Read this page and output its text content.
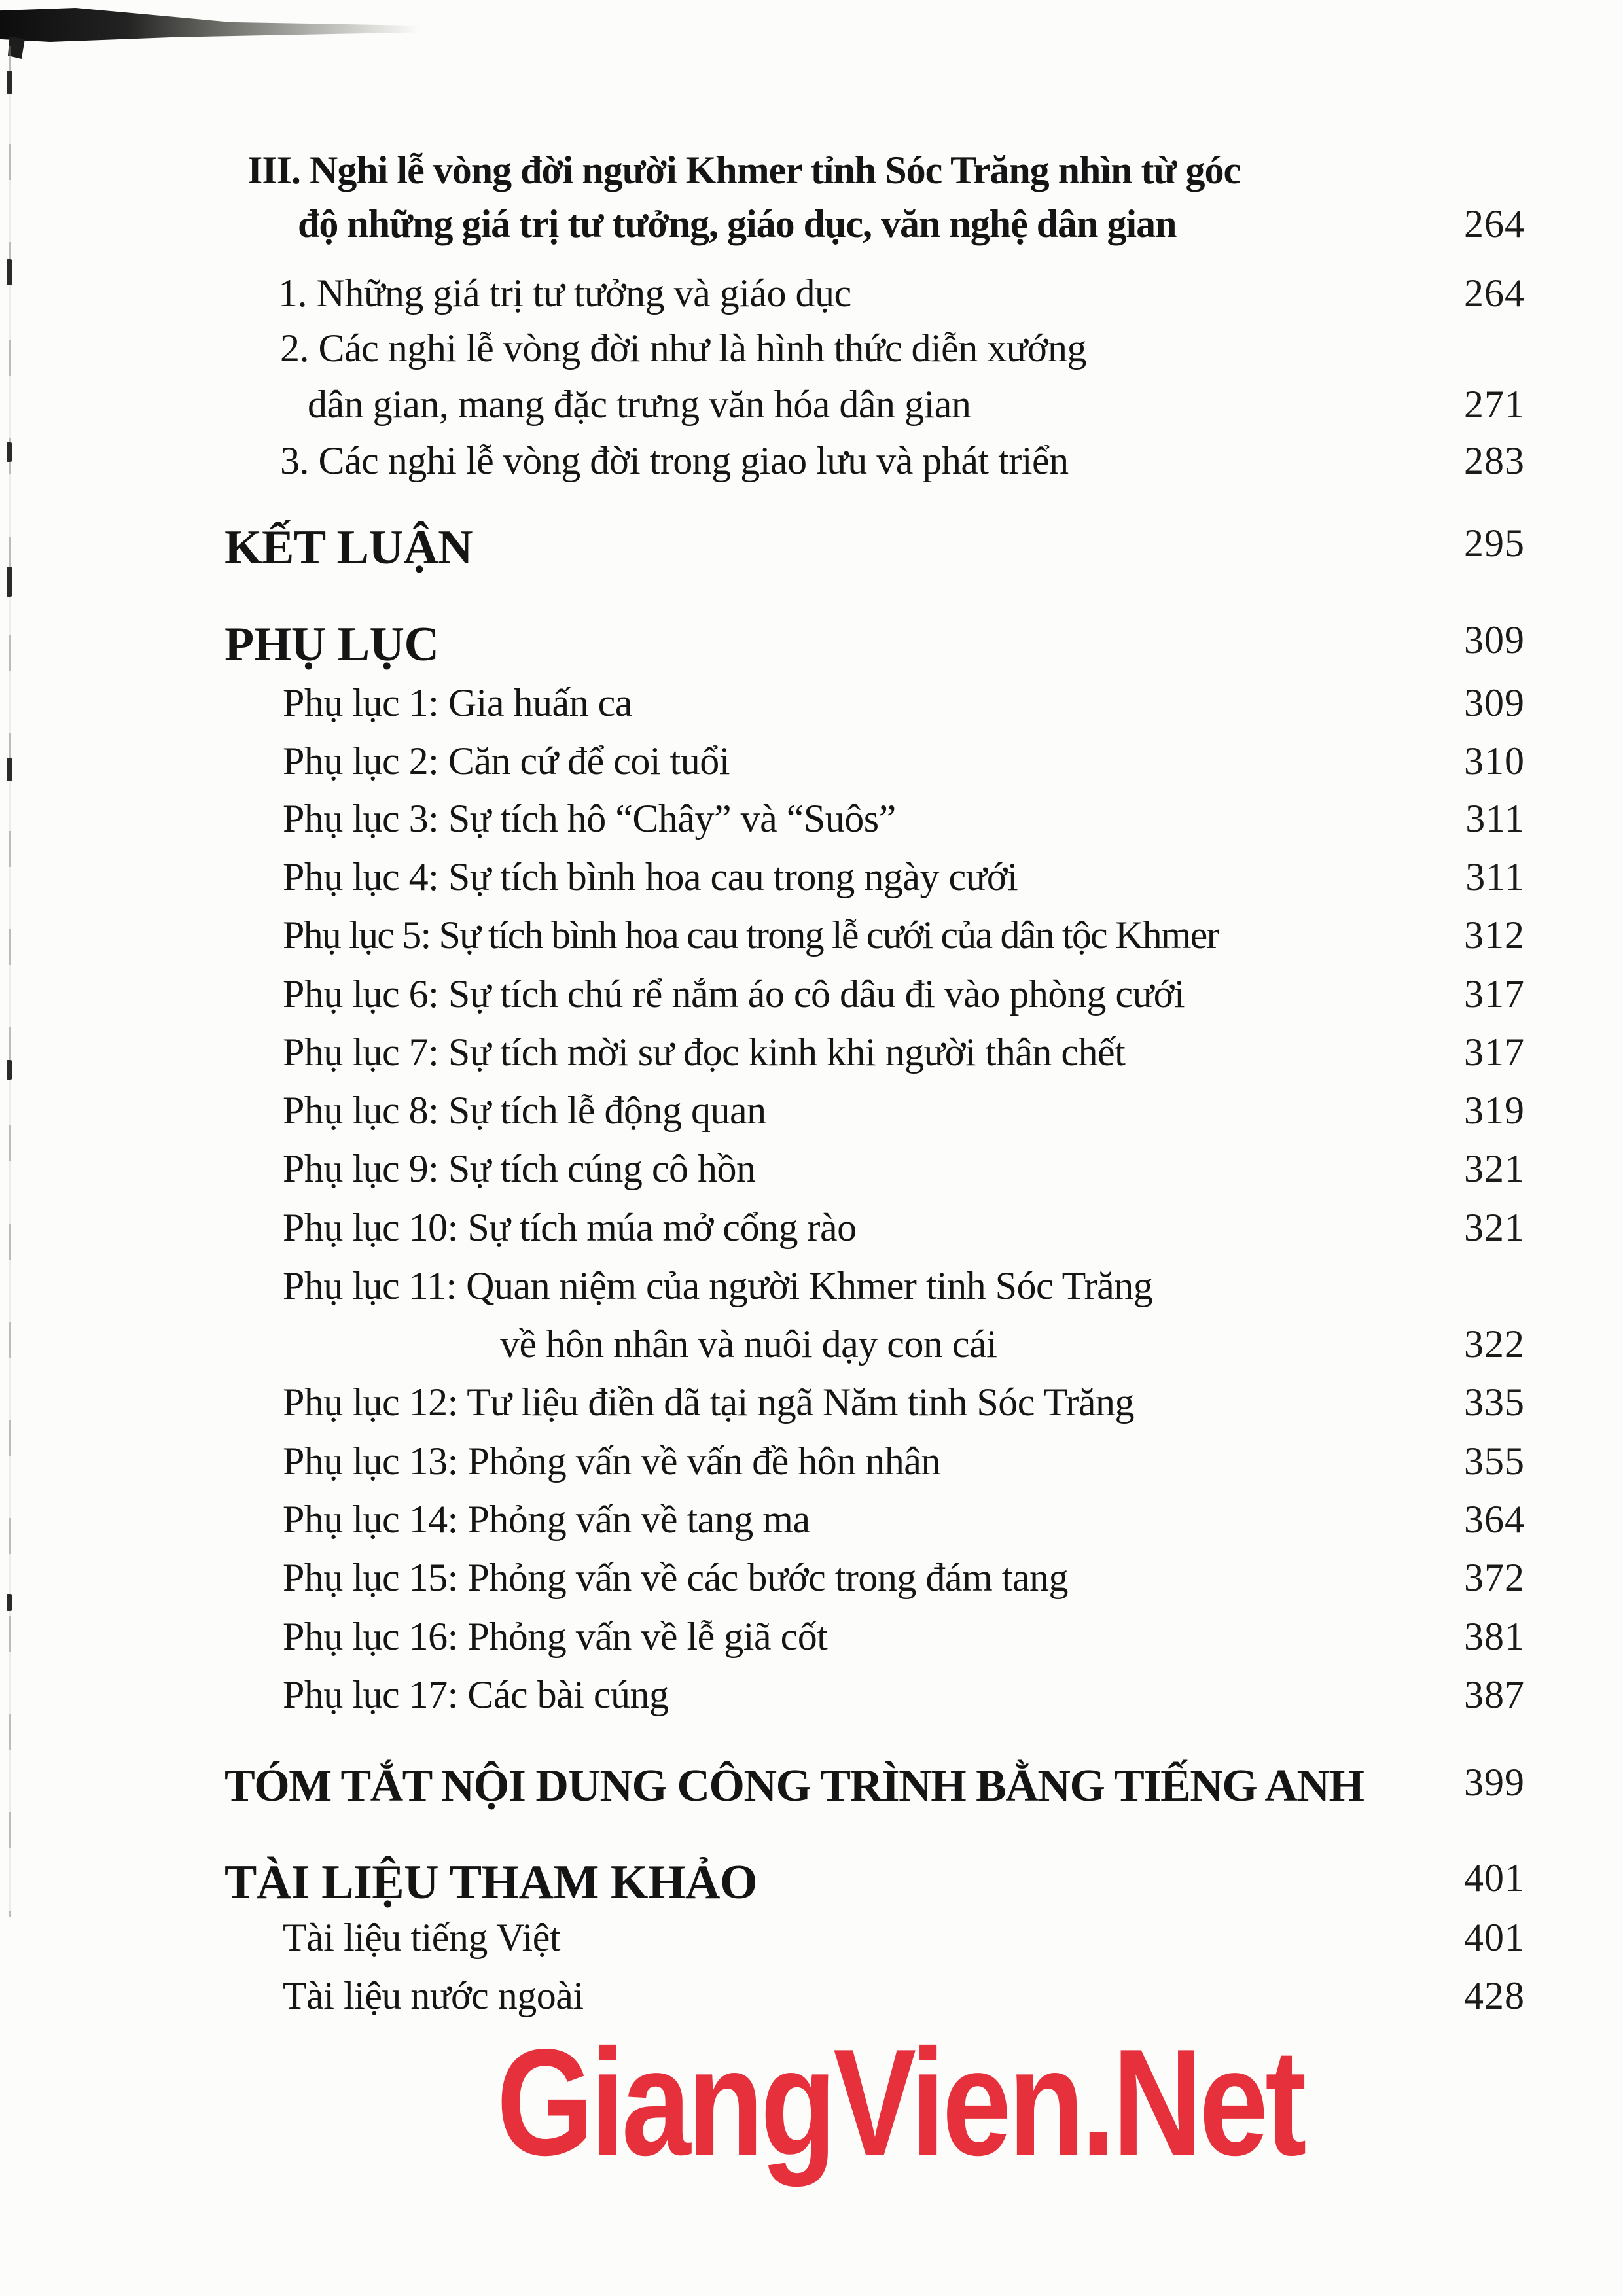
III. Nghi lễ vòng đời người Khmer tỉnh Sóc Trăng nhìn từ góc
độ những giá trị tư tưởng, giáo dục, văn nghệ dân gian	264
1. Những giá trị tư tưởng và giáo dục	264
2. Các nghi lễ vòng đời như là hình thức diễn xướng
dân gian, mang đặc trưng văn hóa dân gian	271
3. Các nghi lễ vòng đời trong giao lưu và phát triển	283
KẾT LUẬN	295
PHỤ LỤC	309
Phụ lục 1: Gia huấn ca	309
Phụ lục 2: Căn cứ để coi tuổi	310
Phụ lục 3: Sự tích hô “Chây” và “Suôs”	311
Phụ lục 4: Sự tích bình hoa cau trong ngày cưới	311
Phụ lục 5: Sự tích bình hoa cau trong lễ cưới của dân tộc Khmer	312
Phụ lục 6: Sự tích chú rể nắm áo cô dâu đi vào phòng cưới	317
Phụ lục 7: Sự tích mời sư đọc kinh khi người thân chết	317
Phụ lục 8: Sự tích lễ động quan	319
Phụ lục 9: Sự tích cúng cô hồn	321
Phụ lục 10: Sự tích múa mở cổng rào	321
Phụ lục 11: Quan niệm của người Khmer tinh Sóc Trăng
về hôn nhân và nuôi dạy con cái	322
Phụ lục 12: Tư liệu điền dã tại ngã Năm tinh Sóc Trăng	335
Phụ lục 13: Phỏng vấn về vấn đề hôn nhân	355
Phụ lục 14: Phỏng vấn về tang ma	364
Phụ lục 15: Phỏng vấn về các bước trong đám tang	372
Phụ lục 16: Phỏng vấn về lễ giã cốt	381
Phụ lục 17: Các bài cúng	387
TÓM TẮT NỘI DUNG CÔNG TRÌNH BẰNG TIẾNG ANH	399
TÀI LIỆU THAM KHẢO	401
Tài liệu tiếng Việt	401
Tài liệu nước ngoài	428
GiangVien.Net
